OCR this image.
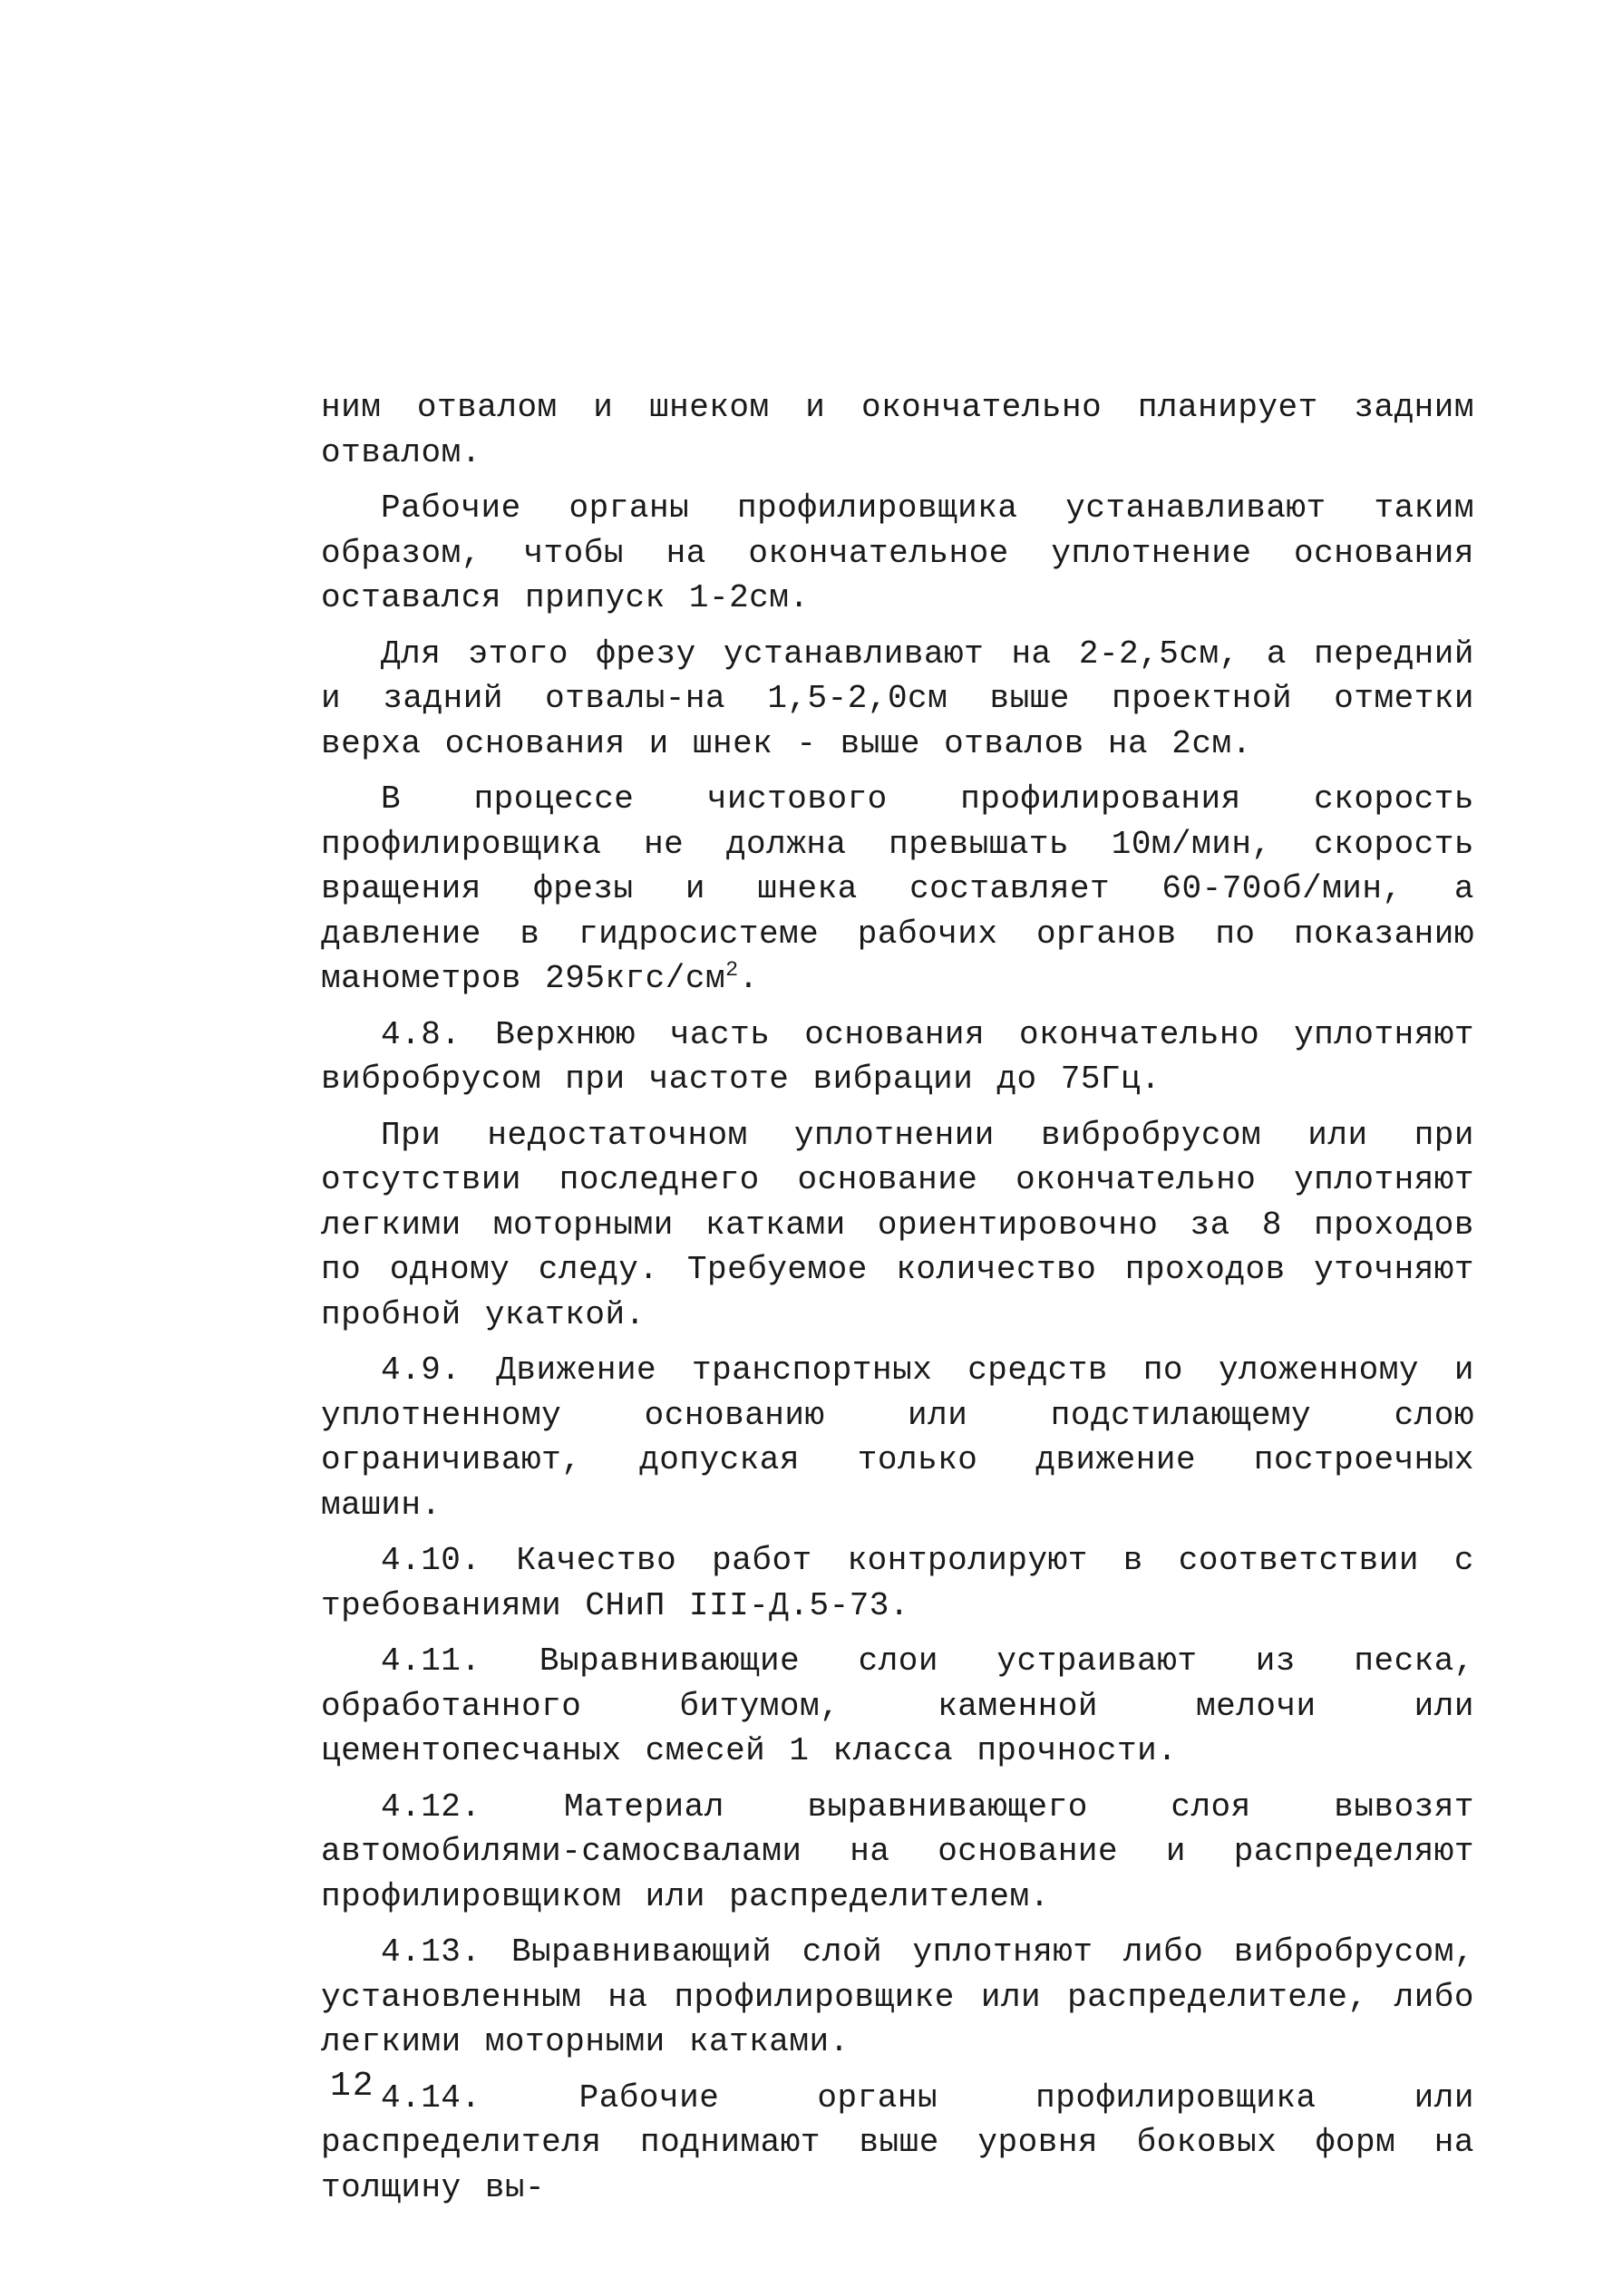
ним отвалом и шнеком и окончательно планирует задним отвалом.

Рабочие органы профилировщика устанавливают таким образом, чтобы на окончательное уплотнение основания оставался припуск 1-2см.

Для этого фрезу устанавливают на 2-2,5см, а передний и задний отвалы-на 1,5-2,0см выше проектной отметки верха основания и шнек - выше отвалов на 2см.

В процессе чистового профилирования скорость профилировщика не должна превышать 10м/мин, скорость вращения фрезы и шнека составляет 60-70об/мин, а давление в гидросистеме рабочих органов по показанию манометров $295кгс/см^2$.

4.8. Верхнюю часть основания окончательно уплотняют вибробрусом при частоте вибрации до 75Гц.

При недостаточном уплотнении вибробрусом или при отсутствии последнего основание окончательно уплотняют легкими моторными катками ориентировочно за 8 проходов по одному следу. Требуемое количество проходов уточняют пробной укаткой.

4.9. Движение транспортных средств по уложенному и уплотненному основанию или подстилающему слою ограничивают, допуская только движение построечных машин.

4.10. Качество работ контролируют в соответствии с требованиями СНиП III-Д.5-73.

4.11. Выравнивающие слои устраивают из песка, обработанного битумом, каменной мелочи или цементопесчаных смесей 1 класса прочности.

4.12. Материал выравнивающего слоя вывозят автомобилями-самосвалами на основание и распределяют профилировщиком или распределителем.

4.13. Выравнивающий слой уплотняют либо вибробрусом, установленным на профилировщике или распределителе, либо легкими моторными катками.

4.14. Рабочие органы профилировщика или распределителя поднимают выше уровня боковых форм на толщину вы-

12
